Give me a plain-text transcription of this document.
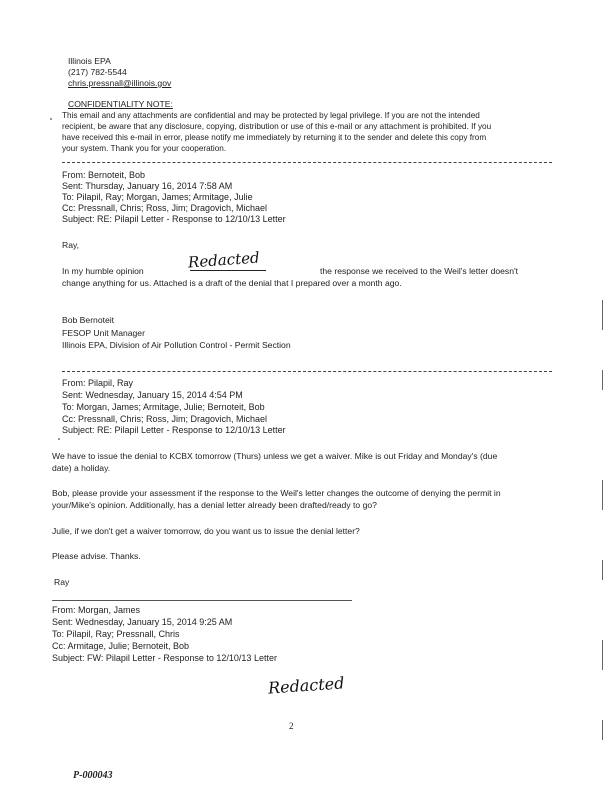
Illinois EPA
(217) 782-5544
chris.pressnall@illinois.gov
CONFIDENTIALITY NOTE:
This email and any attachments are confidential and may be protected by legal privilege. If you are not the intended
recipient, be aware that any disclosure, copying, distribution or use of this e-mail or any attachment is prohibited. If you
have received this e-mail in error, please notify me immediately by returning it to the sender and delete this copy from
your system. Thank you for your cooperation.
From: Bernoteit, Bob
Sent: Thursday, January 16, 2014 7:58 AM
To: Pilapil, Ray; Morgan, James; Armitage, Julie
Cc: Pressnall, Chris; Ross, Jim; Dragovich, Michael
Subject: RE: Pilapil Letter - Response to 12/10/13 Letter
Ray,
In my humble opinion	Redacted	the response we received to the Weil's letter doesn't
change anything for us. Attached is a draft of the denial that I prepared over a month ago.
Bob Bernoteit
FESOP Unit Manager
Illinois EPA, Division of Air Pollution Control - Permit Section
From: Pilapil, Ray
Sent: Wednesday, January 15, 2014 4:54 PM
To: Morgan, James; Armitage, Julie; Bernoteit, Bob
Cc: Pressnall, Chris; Ross, Jim; Dragovich, Michael
Subject: RE: Pilapil Letter - Response to 12/10/13 Letter
We have to issue the denial to KCBX tomorrow (Thurs) unless we get a waiver. Mike is out Friday and Monday's (due
date) a holiday.
Bob, please provide your assessment if the response to the Weil's letter changes the outcome of denying the permit in
your/Mike's opinion. Additionally, has a denial letter already been drafted/ready to go?
Julie, if we don't get a waiver tomorrow, do you want us to issue the denial letter?
Please advise. Thanks.
Ray
From: Morgan, James
Sent: Wednesday, January 15, 2014 9:25 AM
To: Pilapil, Ray; Pressnall, Chris
Cc: Armitage, Julie; Bernoteit, Bob
Subject: FW: Pilapil Letter - Response to 12/10/13 Letter
Redacted
2
P-000043
